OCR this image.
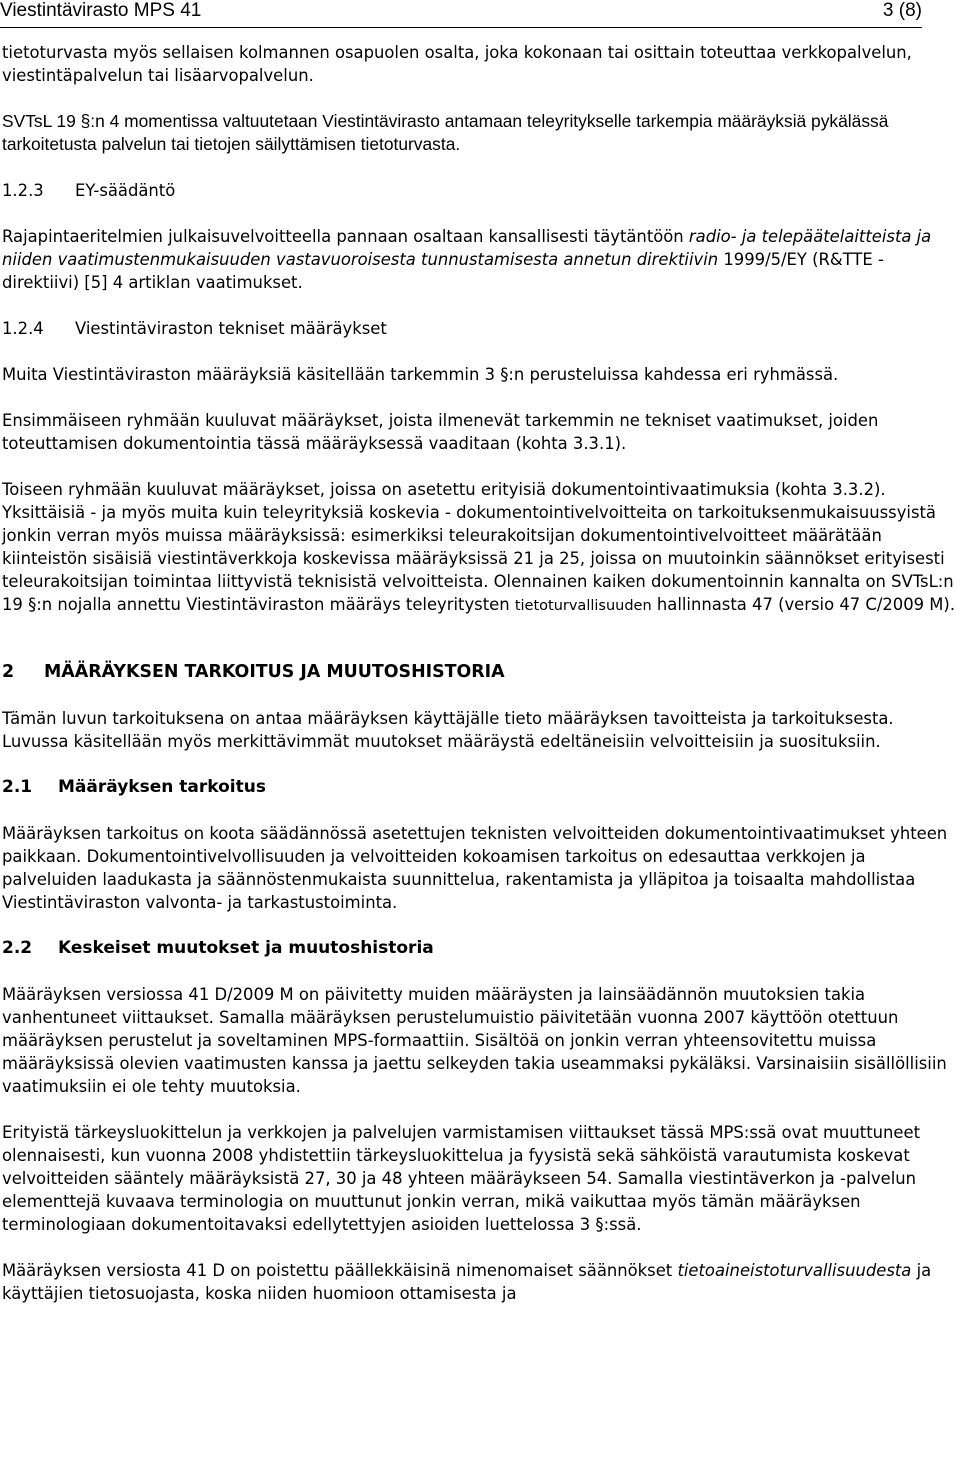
Viestintävirasto MPS 41	3 (8)

tietoturvasta myös sellaisen kolmannen osapuolen osalta, joka kokonaan tai osittain toteuttaa verkkopalvelun, viestintäpalvelun tai lisäarvopalvelun.

SVTsL 19 §:n 4 momentissa valtuutetaan Viestintävirasto antamaan teleyritykselle tarkempia määräyksiä pykälässä tarkoitetusta palvelun tai tietojen säilyttämisen tietoturvasta.

1.2.3 EY-säädäntö

Rajapintaeritelmien julkaisuvelvoitteella pannaan osaltaan kansallisesti täytäntöön radio- ja telepäätelaitteista ja niiden vaatimustenmukaisuuden vastavuoroisesta tunnustamisesta annetun direktiivin 1999/5/EY (R&TTE -direktiivi) [5] 4 artiklan vaatimukset.

1.2.4 Viestintäviraston tekniset määräykset

Muita Viestintäviraston määräyksiä käsitellään tarkemmin 3 §:n perusteluissa kahdessa eri ryhmässä.

Ensimmäiseen ryhmään kuuluvat määräykset, joista ilmenevät tarkemmin ne tekniset vaatimukset, joiden toteuttamisen dokumentointia tässä määräyksessä vaaditaan (kohta 3.3.1).

Toiseen ryhmään kuuluvat määräykset, joissa on asetettu erityisiä dokumentointivaatimuksia (kohta 3.3.2). Yksittäisiä - ja myös muita kuin teleyrityksiä koskevia - dokumentointivelvoitteita on tarkoituksenmukaisuussyistä jonkin verran myös muissa määräyksissä: esimerkiksi teleurakoitsijan dokumentointivelvoitteet määrätään kiinteistön sisäisiä viestintäverkkoja koskevissa määräyksissä 21 ja 25, joissa on muutoinkin säännökset erityisesti teleurakoitsijan toimintaa liittyvistä teknisistä velvoitteista. Olennainen kaiken dokumentoinnin kannalta on SVTsL:n 19 §:n nojalla annettu Viestintäviraston määräys teleyritysten tietoturvallisuuden hallinnasta 47 (versio 47 C/2009 M).

2 MÄÄRÄYKSEN TARKOITUS JA MUUTOSHISTORIA

Tämän luvun tarkoituksena on antaa määräyksen käyttäjälle tieto määräyksen tavoitteista ja tarkoituksesta. Luvussa käsitellään myös merkittävimmät muutokset määräystä edeltäneisiin velvoitteisiin ja suosituksiin.

2.1 Määräyksen tarkoitus

Määräyksen tarkoitus on koota säädännössä asetettujen teknisten velvoitteiden dokumentointivaatimukset yhteen paikkaan. Dokumentointivelvollisuuden ja velvoitteiden kokoamisen tarkoitus on edesauttaa verkkojen ja palveluiden laadukasta ja säännöstenmukaista suunnittelua, rakentamista ja ylläpitoa ja toisaalta mahdollistaa Viestintäviraston valvonta- ja tarkastustoiminta.

2.2 Keskeiset muutokset ja muutoshistoria

Määräyksen versiossa 41 D/2009 M on päivitetty muiden määräysten ja lainsäädännön muutoksien takia vanhentuneet viittaukset. Samalla määräyksen perustelumuistio päivitetään vuonna 2007 käyttöön otettuun määräyksen perustelut ja soveltaminen MPS-formaattiin. Sisältöä on jonkin verran yhteensovitettu muissa määräyksissä olevien vaatimusten kanssa ja jaettu selkeyden takia useammaksi pykäläksi. Varsinaisiin sisällöllisiin vaatimuksiin ei ole tehty muutoksia.

Erityistä tärkeysluokittelun ja verkkojen ja palvelujen varmistamisen viittaukset tässä MPS:ssä ovat muuttuneet olennaisesti, kun vuonna 2008 yhdistettiin tärkeysluokittelua ja fyysistä sekä sähköistä varautumista koskevat velvoitteiden sääntely määräyksistä 27, 30 ja 48 yhteen määräykseen 54. Samalla viestintäverkon ja -palvelun elementtejä kuvaava terminologia on muuttunut jonkin verran, mikä vaikuttaa myös tämän määräyksen terminologiaan dokumentoitavaksi edellytettyjen asioiden luettelossa 3 §:ssä.

Määräyksen versiosta 41 D on poistettu päällekkäisinä nimenomaiset säännökset tietoaineistoturvallisuudesta ja käyttäjien tietosuojasta, koska niiden huomioon ottamisesta ja
